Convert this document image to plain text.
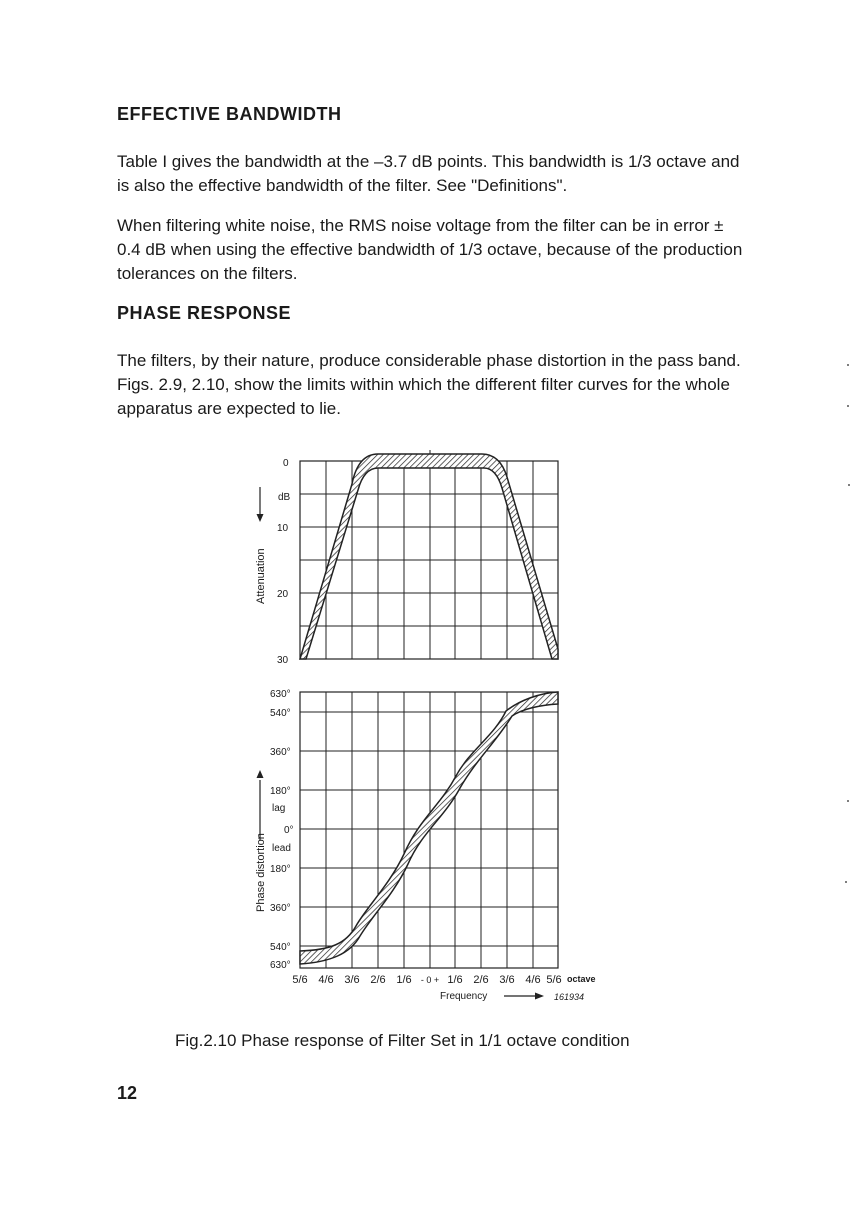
EFFECTIVE BANDWIDTH

Table I gives the bandwidth at the –3.7 dB points. This bandwidth is 1/3 octave and is also the effective bandwidth of the filter. See "Definitions".

When filtering white noise, the RMS noise voltage from the filter can be in error ± 0.4 dB when using the effective bandwidth of 1/3 octave, because of the production tolerances on the filters.

PHASE RESPONSE

The filters, by their nature, produce considerable phase distortion in the pass band. Figs. 2.9, 2.10, show the limits within which the different filter curves for the whole apparatus are expected to lie.

0
dB
10
20
30
Attenuation
630°
540°
360°
180°
lag
0°
lead
180°
360°
540°
630°
Phase distortion
5/6 4/6 3/6 2/6 1/6 - 0 + 1/6 2/6 3/6 4/6 5/6 octave
Frequency	161934

Fig.2.10 Phase response of Filter Set in 1/1 octave condition

12
